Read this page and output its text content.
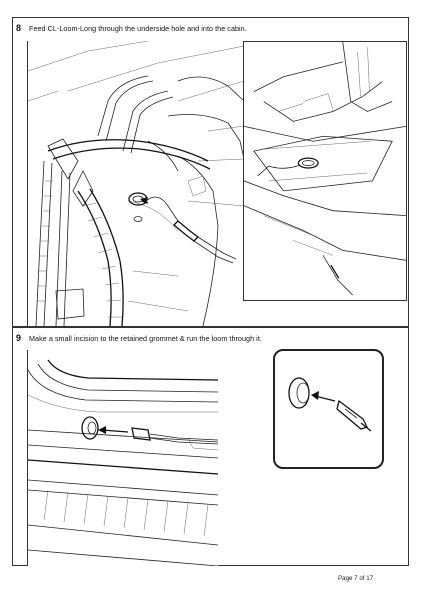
8 Feed CL-Loom-Long through the underside hole and into the cabin.
9 Make a small incision to the retained grommet & run the loom through it.
Page 7 of 17
